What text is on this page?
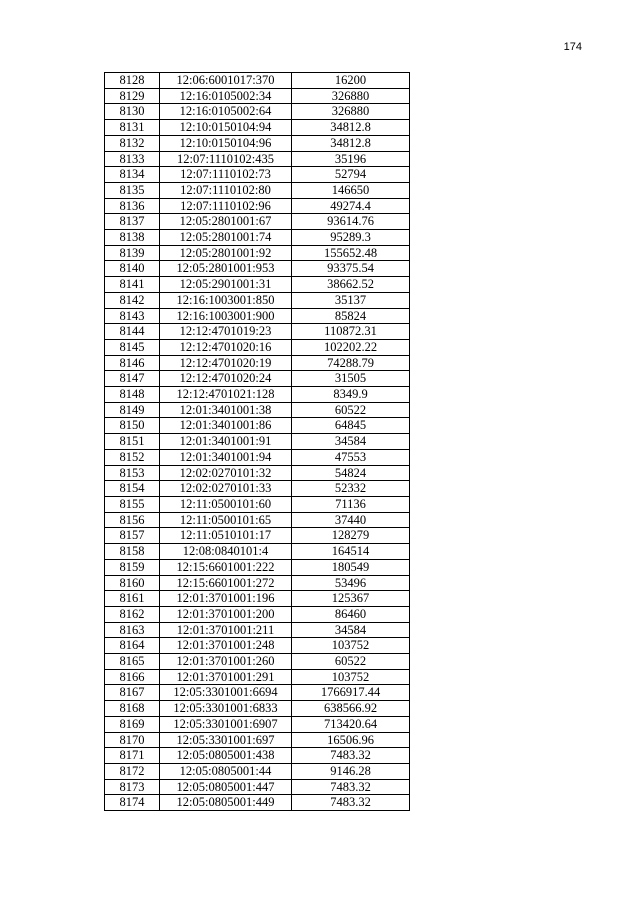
174
8128	12:06:6001017:370	16200
8129	12:16:0105002:34	326880
8130	12:16:0105002:64	326880
8131	12:10:0150104:94	34812.8
8132	12:10:0150104:96	34812.8
8133	12:07:1110102:435	35196
8134	12:07:1110102:73	52794
8135	12:07:1110102:80	146650
8136	12:07:1110102:96	49274.4
8137	12:05:2801001:67	93614.76
8138	12:05:2801001:74	95289.3
8139	12:05:2801001:92	155652.48
8140	12:05:2801001:953	93375.54
8141	12:05:2901001:31	38662.52
8142	12:16:1003001:850	35137
8143	12:16:1003001:900	85824
8144	12:12:4701019:23	110872.31
8145	12:12:4701020:16	102202.22
8146	12:12:4701020:19	74288.79
8147	12:12:4701020:24	31505
8148	12:12:4701021:128	8349.9
8149	12:01:3401001:38	60522
8150	12:01:3401001:86	64845
8151	12:01:3401001:91	34584
8152	12:01:3401001:94	47553
8153	12:02:0270101:32	54824
8154	12:02:0270101:33	52332
8155	12:11:0500101:60	71136
8156	12:11:0500101:65	37440
8157	12:11:0510101:17	128279
8158	12:08:0840101:4	164514
8159	12:15:6601001:222	180549
8160	12:15:6601001:272	53496
8161	12:01:3701001:196	125367
8162	12:01:3701001:200	86460
8163	12:01:3701001:211	34584
8164	12:01:3701001:248	103752
8165	12:01:3701001:260	60522
8166	12:01:3701001:291	103752
8167	12:05:3301001:6694	1766917.44
8168	12:05:3301001:6833	638566.92
8169	12:05:3301001:6907	713420.64
8170	12:05:3301001:697	16506.96
8171	12:05:0805001:438	7483.32
8172	12:05:0805001:44	9146.28
8173	12:05:0805001:447	7483.32
8174	12:05:0805001:449	7483.32
